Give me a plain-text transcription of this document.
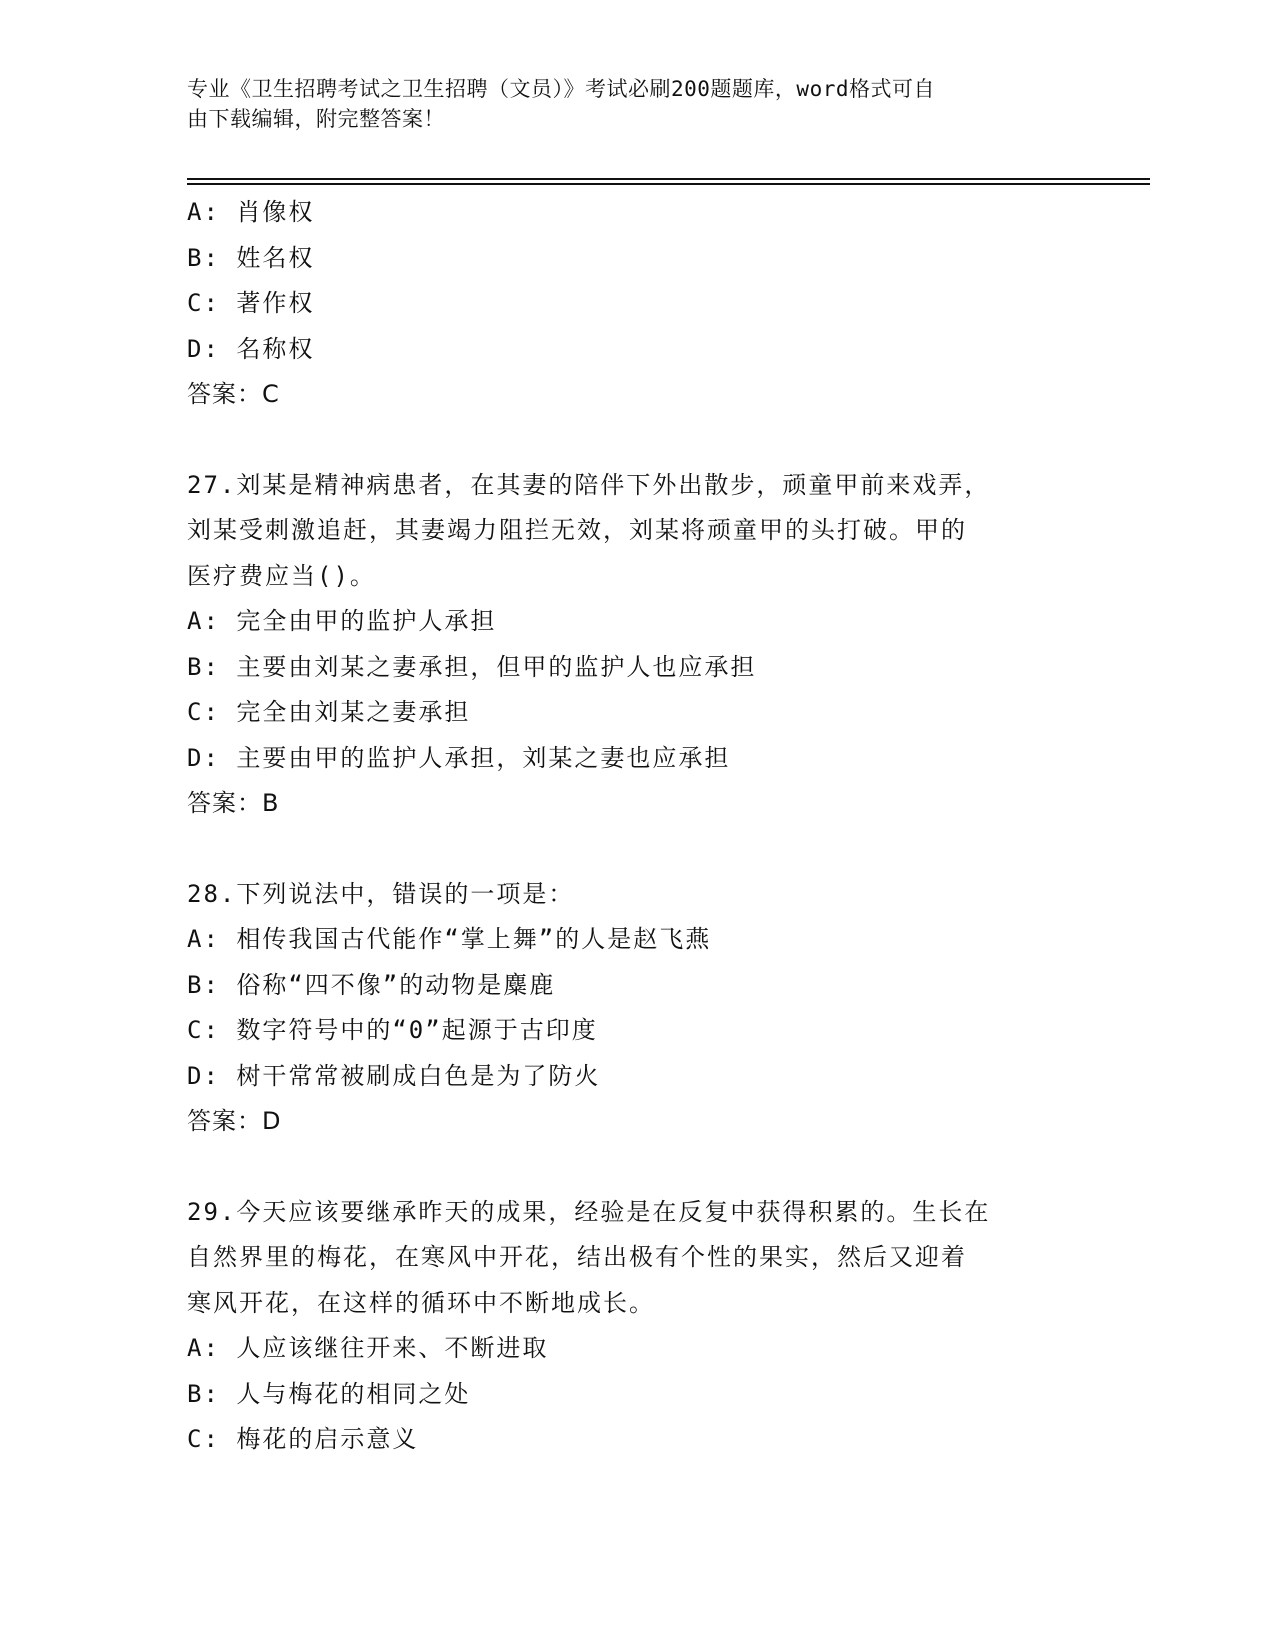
专业《卫生招聘考试之卫生招聘（文员）》考试必刷200题题库，word格式可自
由下载编辑，附完整答案！
A: 肖像权
B: 姓名权
C: 著作权
D: 名称权
答案：C
27.刘某是精神病患者，在其妻的陪伴下外出散步，顽童甲前来戏弄，
刘某受刺激追赶，其妻竭力阻拦无效，刘某将顽童甲的头打破。甲的
医疗费应当()。
A: 完全由甲的监护人承担
B: 主要由刘某之妻承担，但甲的监护人也应承担
C: 完全由刘某之妻承担
D: 主要由甲的监护人承担，刘某之妻也应承担
答案：B
28.下列说法中，错误的一项是：
A: 相传我国古代能作“掌上舞”的人是赵飞燕
B: 俗称“四不像”的动物是麋鹿
C: 数字符号中的“0”起源于古印度
D: 树干常常被刷成白色是为了防火
答案：D
29.今天应该要继承昨天的成果，经验是在反复中获得积累的。生长在
自然界里的梅花，在寒风中开花，结出极有个性的果实，然后又迎着
寒风开花，在这样的循环中不断地成长。
A: 人应该继往开来、不断进取
B: 人与梅花的相同之处
C: 梅花的启示意义
